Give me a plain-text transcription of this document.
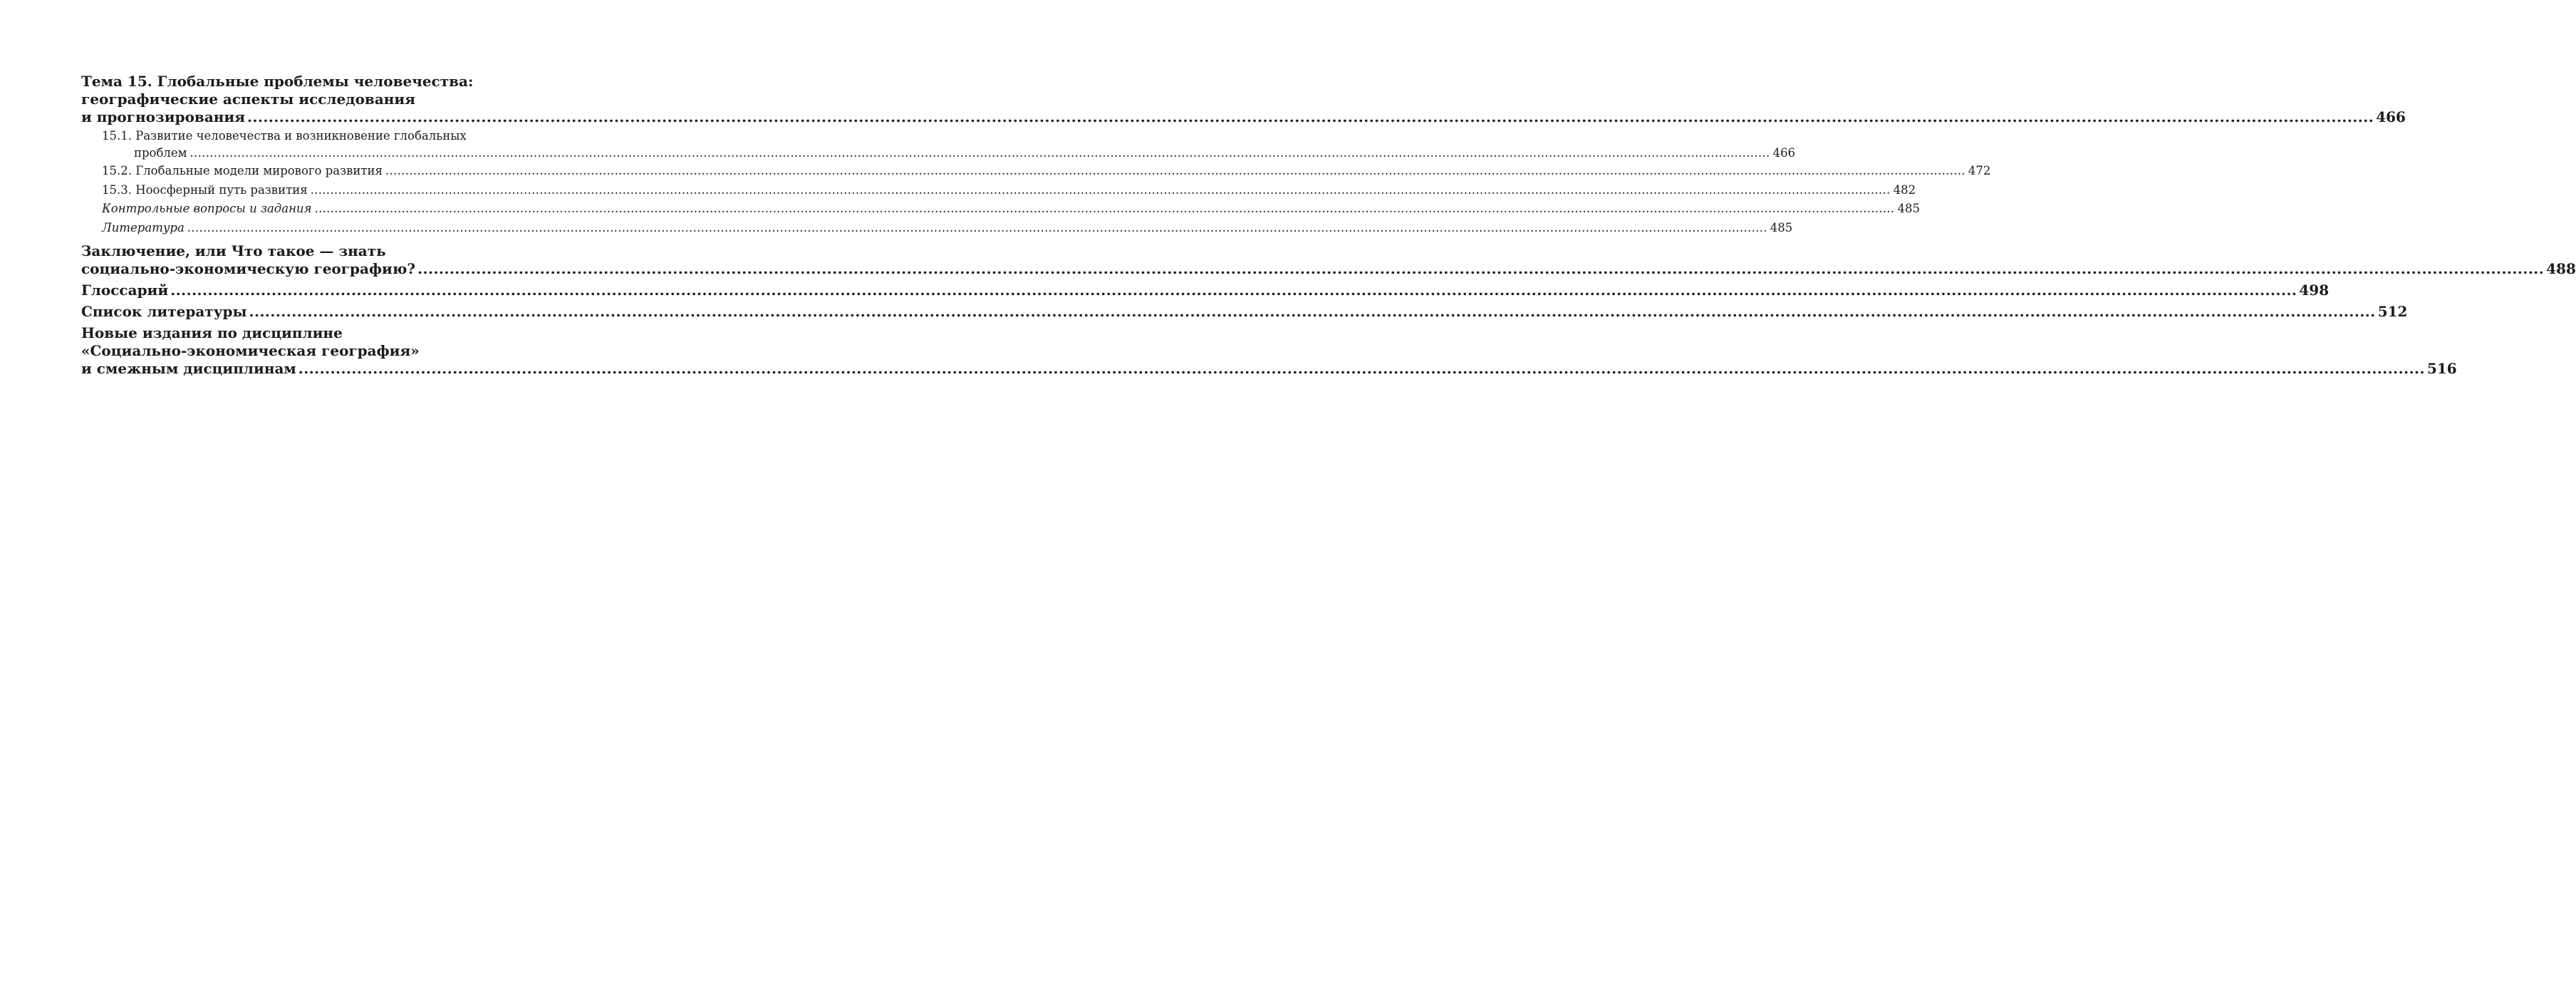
Тема 15. Глобальные проблемы человечества:
географические аспекты исследования
и прогнозирования ................................................................................................................................................................................................................................................................................................................................................................................................................ 466
15.1. Развитие человечества и возникновение глобальных
проблем ................................................................................................................................................................................................................................................................................................................................................................................................................ 466
15.2. Глобальные модели мирового развития ................................................................................................................................................................................................................................................................................................................................................................................................................ 472
15.3. Ноосферный путь развития ................................................................................................................................................................................................................................................................................................................................................................................................................ 482
Контрольные вопросы и задания ................................................................................................................................................................................................................................................................................................................................................................................................................ 485
Литература ................................................................................................................................................................................................................................................................................................................................................................................................................ 485
Заключение, или Что такое — знать
социально-экономическую географию? ................................................................................................................................................................................................................................................................................................................................................................................................................ 488
Глоссарий ................................................................................................................................................................................................................................................................................................................................................................................................................ 498
Список литературы ................................................................................................................................................................................................................................................................................................................................................................................................................ 512
Новые издания по дисциплине
«Социально-экономическая география»
и смежным дисциплинам ................................................................................................................................................................................................................................................................................................................................................................................................................ 516
